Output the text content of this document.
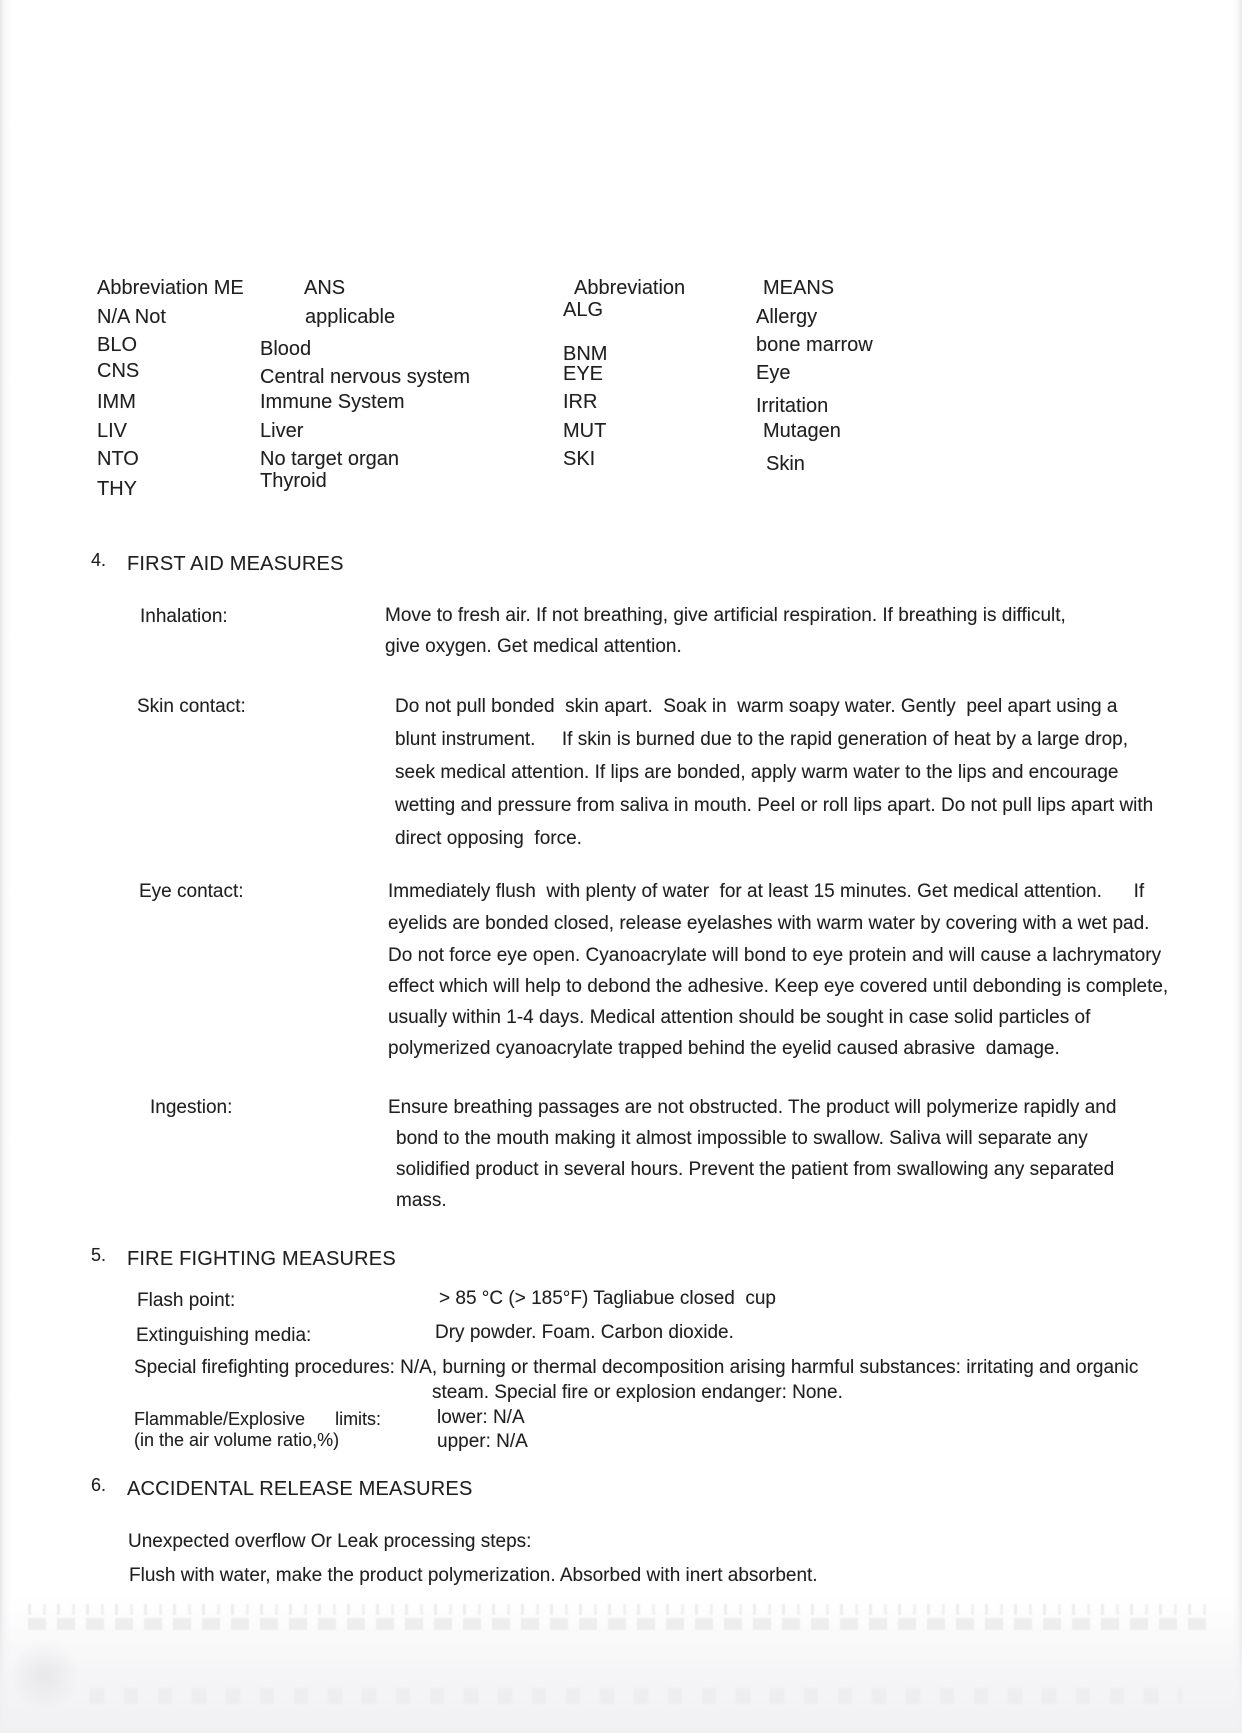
Abbreviation ME	ANS	Abbreviation	MEANS
N/A Not	applicable	ALG	Allergy
BLO	Blood	BNM	bone marrow
CNS	Central nervous system	EYE	Eye
IMM	Immune System	IRR	Irritation
LIV	Liver	MUT	Mutagen
NTO	No target organ	SKI	Skin
THY	Thyroid
4. FIRST AID MEASURES
Inhalation:	Move to fresh air. If not breathing, give artificial respiration. If breathing is difficult,
give oxygen. Get medical attention.
Skin contact:	Do not pull bonded  skin apart.  Soak in  warm soapy water. Gently  peel apart using a
blunt instrument.     If skin is burned due to the rapid generation of heat by a large drop,
seek medical attention. If lips are bonded, apply warm water to the lips and encourage
wetting and pressure from saliva in mouth. Peel or roll lips apart. Do not pull lips apart with
direct opposing  force.
Eye contact:	Immediately flush  with plenty of water  for at least 15 minutes. Get medical attention.      If
eyelids are bonded closed, release eyelashes with warm water by covering with a wet pad.
Do not force eye open. Cyanoacrylate will bond to eye protein and will cause a lachrymatory
effect which will help to debond the adhesive. Keep eye covered until debonding is complete,
usually within 1-4 days. Medical attention should be sought in case solid particles of
polymerized cyanoacrylate trapped behind the eyelid caused abrasive  damage.
Ingestion:	Ensure breathing passages are not obstructed. The product will polymerize rapidly and
bond to the mouth making it almost impossible to swallow. Saliva will separate any
solidified product in several hours. Prevent the patient from swallowing any separated
mass.
5. FIRE FIGHTING MEASURES
Flash point:	> 85 °C (> 185°F) Tagliabue closed  cup
Extinguishing media:	Dry powder. Foam. Carbon dioxide.
Special firefighting procedures: N/A, burning or thermal decomposition arising harmful substances: irritating and organic
steam. Special fire or explosion endanger: None.
Flammable/Explosive      limits:
(in the air volume ratio,%)
lower: N/A
upper: N/A
6. ACCIDENTAL RELEASE MEASURES
Unexpected overflow Or Leak processing steps:
Flush with water, make the product polymerization. Absorbed with inert absorbent.
